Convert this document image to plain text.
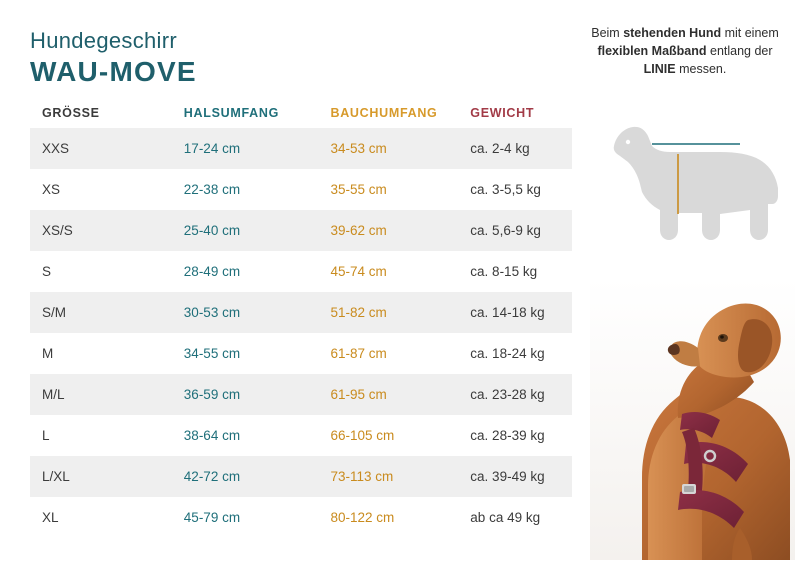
Hundegeschirr
WAU-MOVE
GRÖSSE	HALSUMFANG	BAUCHUMFANG	GEWICHT
XXS	17-24 cm	34-53 cm	ca. 2-4 kg
XS	22-38 cm	35-55 cm	ca. 3-5,5 kg
XS/S	25-40 cm	39-62 cm	ca. 5,6-9 kg
S	28-49 cm	45-74 cm	ca. 8-15 kg
S/M	30-53 cm	51-82 cm	ca. 14-18 kg
M	34-55 cm	61-87 cm	ca. 18-24 kg
M/L	36-59 cm	61-95 cm	ca. 23-28 kg
L	38-64 cm	66-105 cm	ca. 28-39 kg
L/XL	42-72 cm	73-113 cm	ca. 39-49 kg
XL	45-79 cm	80-122 cm	ab ca 49 kg
Beim stehenden Hund mit einem flexiblen Maßband entlang der LINIE messen.
